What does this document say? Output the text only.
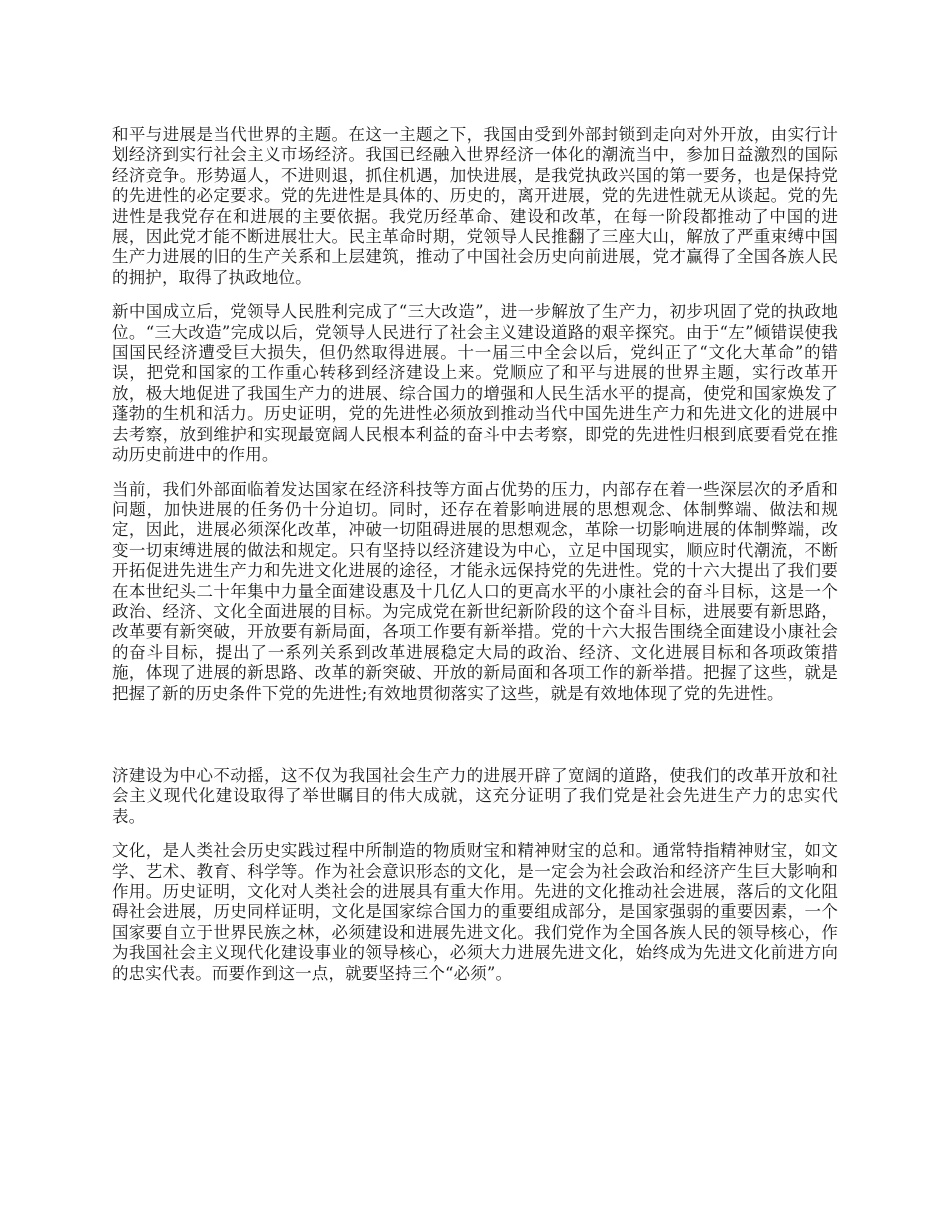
和平与进展是当代世界的主题。在这一主题之下，我国由受到外部封锁到走向对外开放，由实行计划经济到实行社会主义市场经济。我国已经融入世界经济一体化的潮流当中，参加日益激烈的国际经济竞争。形势逼人，不进则退，抓住机遇，加快进展，是我党执政兴国的第一要务，也是保持党的先进性的必定要求。党的先进性是具体的、历史的，离开进展，党的先进性就无从谈起。党的先进性是我党存在和进展的主要依据。我党历经革命、建设和改革，在每一阶段都推动了中国的进展，因此党才能不断进展壮大。民主革命时期，党领导人民推翻了三座大山，解放了严重束缚中国生产力进展的旧的生产关系和上层建筑，推动了中国社会历史向前进展，党才赢得了全国各族人民的拥护，取得了执政地位。

新中国成立后，党领导人民胜利完成了“三大改造”，进一步解放了生产力，初步巩固了党的执政地位。“三大改造”完成以后，党领导人民进行了社会主义建设道路的艰辛探究。由于“左”倾错误使我国国民经济遭受巨大损失，但仍然取得进展。十一届三中全会以后，党纠正了“文化大革命”的错误，把党和国家的工作重心转移到经济建设上来。党顺应了和平与进展的世界主题，实行改革开放，极大地促进了我国生产力的进展、综合国力的增强和人民生活水平的提高，使党和国家焕发了蓬勃的生机和活力。历史证明，党的先进性必须放到推动当代中国先进生产力和先进文化的进展中去考察，放到维护和实现最宽阔人民根本利益的奋斗中去考察，即党的先进性归根到底要看党在推动历史前进中的作用。

当前，我们外部面临着发达国家在经济科技等方面占优势的压力，内部存在着一些深层次的矛盾和问题，加快进展的任务仍十分迫切。同时，还存在着影响进展的思想观念、体制弊端、做法和规定，因此，进展必须深化改革，冲破一切阻碍进展的思想观念，革除一切影响进展的体制弊端，改变一切束缚进展的做法和规定。只有坚持以经济建设为中心，立足中国现实，顺应时代潮流，不断开拓促进先进生产力和先进文化进展的途径，才能永远保持党的先进性。党的十六大提出了我们要在本世纪头二十年集中力量全面建设惠及十几亿人口的更高水平的小康社会的奋斗目标，这是一个政治、经济、文化全面进展的目标。为完成党在新世纪新阶段的这个奋斗目标，进展要有新思路，改革要有新突破，开放要有新局面，各项工作要有新举措。党的十六大报告围绕全面建设小康社会的奋斗目标，提出了一系列关系到改革进展稳定大局的政治、经济、文化进展目标和各项政策措施，体现了进展的新思路、改革的新突破、开放的新局面和各项工作的新举措。把握了这些，就是把握了新的历史条件下党的先进性;有效地贯彻落实了这些，就是有效地体现了党的先进性。

济建设为中心不动摇，这不仅为我国社会生产力的进展开辟了宽阔的道路，使我们的改革开放和社会主义现代化建设取得了举世瞩目的伟大成就，这充分证明了我们党是社会先进生产力的忠实代表。

文化，是人类社会历史实践过程中所制造的物质财宝和精神财宝的总和。通常特指精神财宝，如文学、艺术、教育、科学等。作为社会意识形态的文化，是一定会为社会政治和经济产生巨大影响和作用。历史证明，文化对人类社会的进展具有重大作用。先进的文化推动社会进展，落后的文化阻碍社会进展，历史同样证明，文化是国家综合国力的重要组成部分，是国家强弱的重要因素，一个国家要自立于世界民族之林，必须建设和进展先进文化。我们党作为全国各族人民的领导核心，作为我国社会主义现代化建设事业的领导核心，必须大力进展先进文化，始终成为先进文化前进方向的忠实代表。而要作到这一点，就要坚持三个“必须”。
